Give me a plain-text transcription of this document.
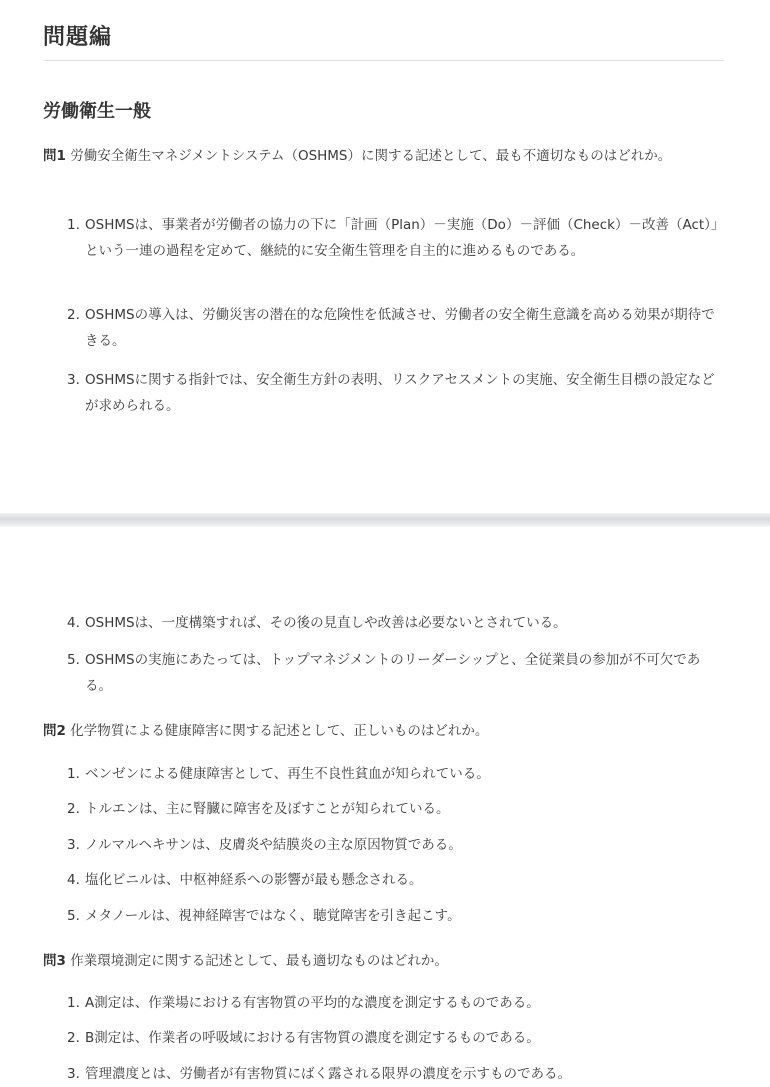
問題編
労働衛生一般
問1 労働安全衛生マネジメントシステム（OSHMS）に関する記述として、最も不適切なものはどれか。
1. OSHMSは、事業者が労働者の協力の下に「計画（Plan）－実施（Do）－評価（Check）－改善（Act）」という一連の過程を定めて、継続的に安全衛生管理を自主的に進めるものである。
2. OSHMSの導入は、労働災害の潜在的な危険性を低減させ、労働者の安全衛生意識を高める効果が期待できる。
3. OSHMSに関する指針では、安全衛生方針の表明、リスクアセスメントの実施、安全衛生目標の設定などが求められる。
4. OSHMSは、一度構築すれば、その後の見直しや改善は必要ないとされている。
5. OSHMSの実施にあたっては、トップマネジメントのリーダーシップと、全従業員の参加が不可欠である。
問2 化学物質による健康障害に関する記述として、正しいものはどれか。
1. ベンゼンによる健康障害として、再生不良性貧血が知られている。
2. トルエンは、主に腎臓に障害を及ぼすことが知られている。
3. ノルマルヘキサンは、皮膚炎や結膜炎の主な原因物質である。
4. 塩化ビニルは、中枢神経系への影響が最も懸念される。
5. メタノールは、視神経障害ではなく、聴覚障害を引き起こす。
問3 作業環境測定に関する記述として、最も適切なものはどれか。
1. A測定は、作業場における有害物質の平均的な濃度を測定するものである。
2. B測定は、作業者の呼吸域における有害物質の濃度を測定するものである。
3. 管理濃度とは、労働者が有害物質にばく露される限界の濃度を示すものである。
